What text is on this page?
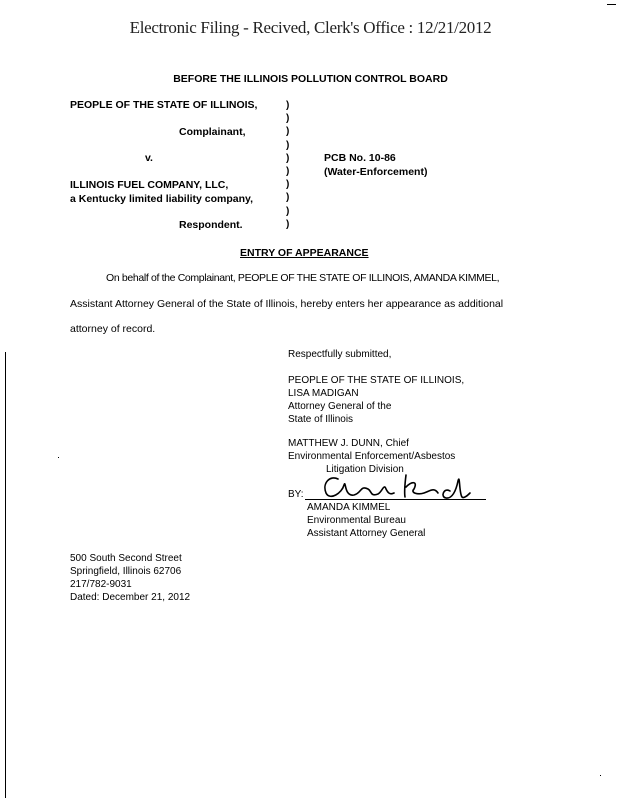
Electronic Filing - Recived, Clerk's Office : 12/21/2012
BEFORE THE ILLINOIS POLLUTION CONTROL BOARD
PEOPLE OF THE STATE OF ILLINOIS,
Complainant,
v.
ILLINOIS FUEL COMPANY, LLC,
a Kentucky limited liability company,
Respondent.
)
)
)
)
)
)
)
)
)
)
PCB No. 10-86
(Water-Enforcement)
ENTRY OF APPEARANCE
On behalf of the Complainant, PEOPLE OF THE STATE OF ILLINOIS, AMANDA KIMMEL,
Assistant Attorney General of the State of Illinois, hereby enters her appearance as additional
attorney of record.
Respectfully submitted,
PEOPLE OF THE STATE OF ILLINOIS,
LISA MADIGAN
Attorney General of the
State of Illinois
MATTHEW J. DUNN, Chief
Environmental Enforcement/Asbestos
Litigation Division
BY:
AMANDA KIMMEL
Environmental Bureau
Assistant Attorney General
500 South Second Street
Springfield, Illinois 62706
217/782-9031
Dated: December 21, 2012
